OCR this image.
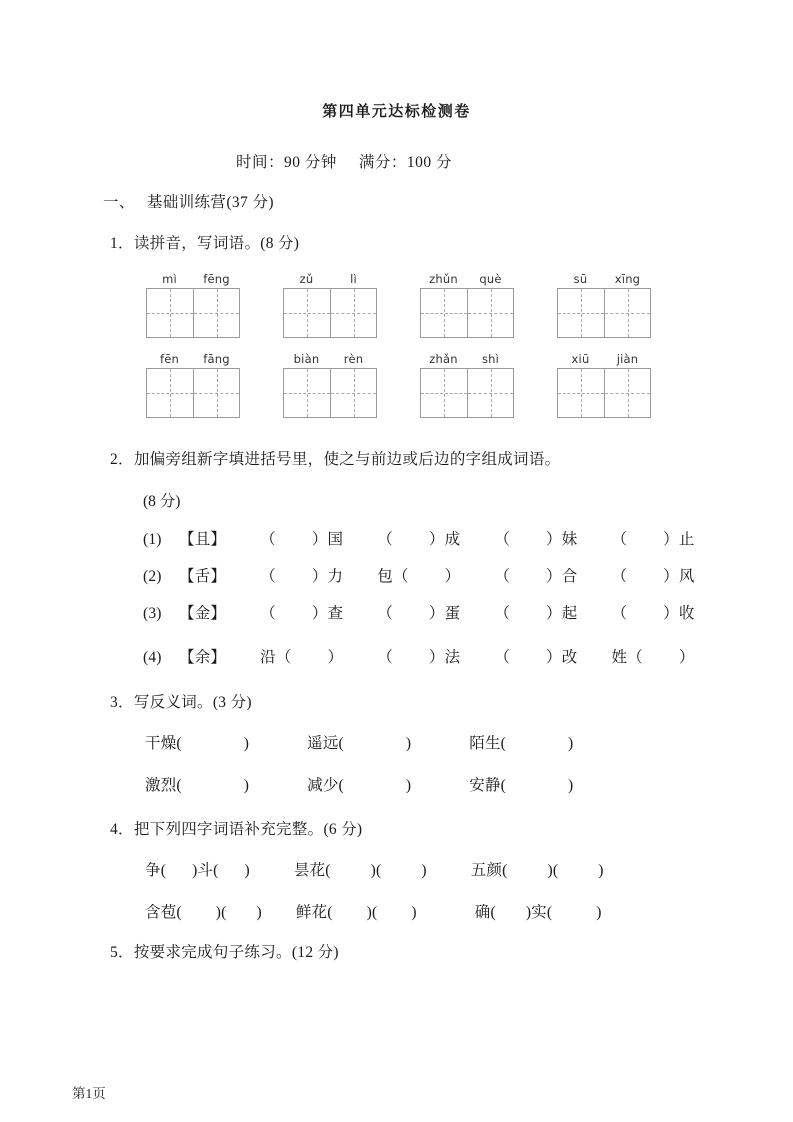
第四单元达标检测卷
时间：90 分钟 满分：100 分
一、 基础训练营(37 分)
1．读拼音，写词语。(8 分)
mì	fēng	zǔ	lì	zhǔn	què	sū	xīng
fēn	fāng	biàn	rèn	zhǎn	shì	xiū	jiàn
2．加偏旁组新字填进括号里，使之与前边或后边的字组成词语。
(8 分)
(1) 【且】 （ ）国 （ ）成 （ ）妹 （ ）止
(2) 【舌】 （ ）力 包（ ） （ ）合 （ ）风
(3) 【金】 （ ）查 （ ）蛋 （ ）起 （ ）收
(4) 【余】 沿（ ） （ ）法 （ ）改 姓（ ）
3．写反义词。(3 分)
干燥(	)	遥远(	)	陌生(	)
激烈(	)	减少(	)	安静(	)
4．把下列四字词语补充完整。(6 分)
争( )斗( )	昙花(	)(	)	五颜(	)(	)
含苞( )( ) 鲜花( )( )	确( )实(	)
5．按要求完成句子练习。(12 分)
第1页
